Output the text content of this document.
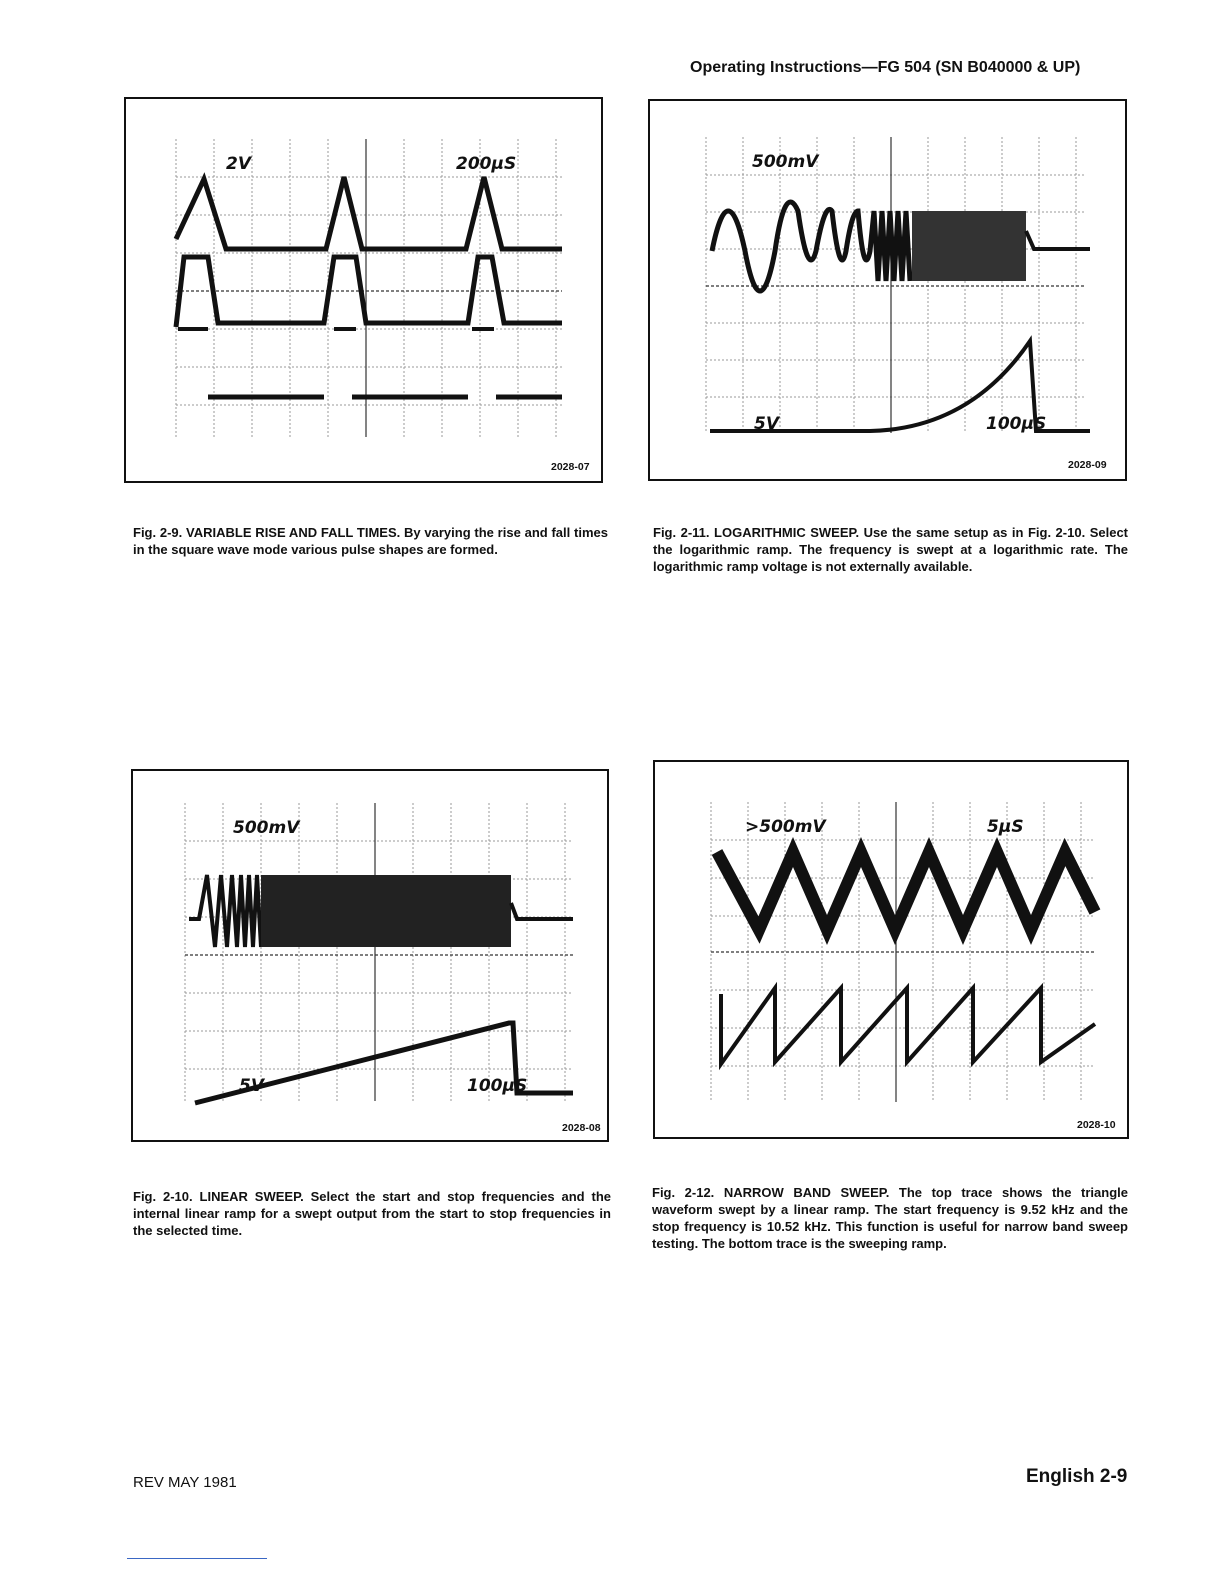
Operating Instructions—FG 504 (SN B040000 & UP)
2V	200μS
2028-07
Fig. 2-9. VARIABLE RISE AND FALL TIMES. By varying the rise and fall times in the square wave mode various pulse shapes are formed.
500mV
5V	100μS
2028-09
Fig. 2-11. LOGARITHMIC SWEEP. Use the same setup as in Fig. 2-10. Select the logarithmic ramp. The frequency is swept at a logarithmic rate. The logarithmic ramp voltage is not externally available.
500mV
5V	100μS
2028-08
Fig. 2-10. LINEAR SWEEP. Select the start and stop frequencies and the internal linear ramp for a swept output from the start to stop frequencies in the selected time.
>500mV	5μS
2028-10
Fig. 2-12. NARROW BAND SWEEP. The top trace shows the triangle waveform swept by a linear ramp. The start frequency is 9.52 kHz and the stop frequency is 10.52 kHz. This function is useful for narrow band sweep testing. The bottom trace is the sweeping ramp.
REV MAY 1981	English 2-9
